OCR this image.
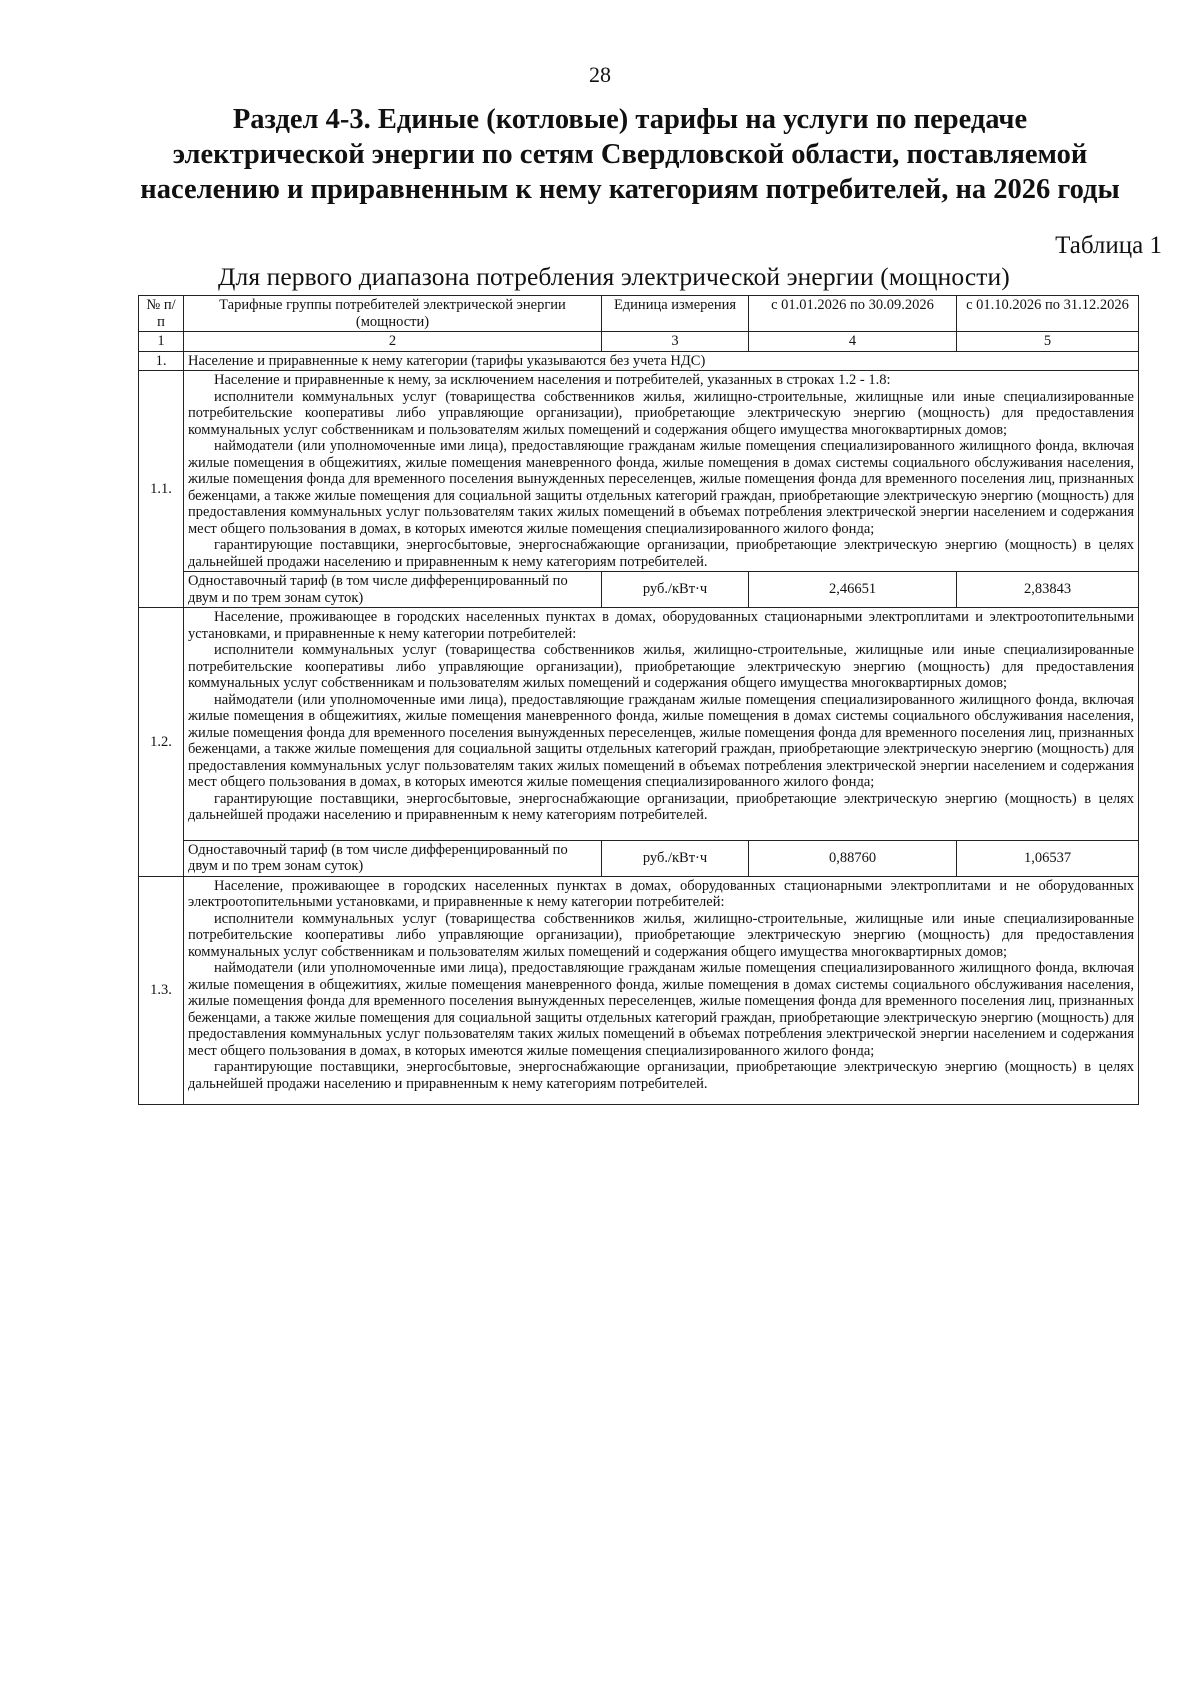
28
Раздел 4-3. Единые (котловые) тарифы на услуги по передаче
электрической энергии по сетям Свердловской области, поставляемой
населению и приравненным к нему категориям потребителей, на 2026 годы
Таблица 1
Для первого диапазона потребления электрической энергии (мощности)
№ п/п	Тарифные группы потребителей электрической энергии (мощности)	Единица измерения	с 01.01.2026 по 30.09.2026	с 01.10.2026 по 31.12.2026
1	2	3	4	5
1.	Население и приравненные к нему категории (тарифы указываются без учета НДС)			
1.1.	Население и приравненные к нему, за исключением населения и потребителей, указанных в строках 1.2 - 1.8:

исполнители коммунальных услуг (товарищества собственников жилья, жилищно-строительные, жилищные или иные специализированные потребительские кооперативы либо управляющие организации), приобретающие электрическую энергию (мощность) для предоставления коммунальных услуг собственникам и пользователям жилых помещений и содержания общего имущества многоквартирных домов;

наймодатели (или уполномоченные ими лица), предоставляющие гражданам жилые помещения специализированного жилищного фонда, включая жилые помещения в общежитиях, жилые помещения маневренного фонда, жилые помещения в домах системы социального обслуживания населения, жилые помещения фонда для временного поселения вынужденных переселенцев, жилые помещения фонда для временного поселения лиц, признанных беженцами, а также жилые помещения для социальной защиты отдельных категорий граждан, приобретающие электрическую энергию (мощность) для предоставления коммунальных услуг пользователям таких жилых помещений в объемах потребления электрической энергии населением и содержания мест общего пользования в домах, в которых имеются жилые помещения специализированного жилого фонда;

гарантирующие поставщики, энергосбытовые, энергоснабжающие организации, приобретающие электрическую энергию (мощность) в целях дальнейшей продажи населению и приравненным к нему категориям потребителей.			

	Одноставочный тариф (в том числе дифференцированный по двум и по трем зонам суток)	руб./кВт·ч	2,46651	2,83843
1.2.	Население, проживающее в городских населенных пунктах в домах, оборудованных стационарными электроплитами и электроотопительными установками, и приравненные к нему категории потребителей:

исполнители коммунальных услуг (товарищества собственников жилья, жилищно-строительные, жилищные или иные специализированные потребительские кооперативы либо управляющие организации), приобретающие электрическую энергию (мощность) для предоставления коммунальных услуг собственникам и пользователям жилых помещений и содержания общего имущества многоквартирных домов;

наймодатели (или уполномоченные ими лица), предоставляющие гражданам жилые помещения специализированного жилищного фонда, включая жилые помещения в общежитиях, жилые помещения маневренного фонда, жилые помещения в домах системы социального обслуживания населения, жилые помещения фонда для временного поселения вынужденных переселенцев, жилые помещения фонда для временного поселения лиц, признанных беженцами, а также жилые помещения для социальной защиты отдельных категорий граждан, приобретающие электрическую энергию (мощность) для предоставления коммунальных услуг пользователям таких жилых помещений в объемах потребления электрической энергии населением и содержания мест общего пользования в домах, в которых имеются жилые помещения специализированного жилого фонда;

гарантирующие поставщики, энергосбытовые, энергоснабжающие организации, приобретающие электрическую энергию (мощность) в целях дальнейшей продажи населению и приравненным к нему категориям потребителей.			

	Одноставочный тариф (в том числе дифференцированный по двум и по трем зонам суток)	руб./кВт·ч	0,88760	1,06537
1.3.	Население, проживающее в городских населенных пунктах в домах, оборудованных стационарными электроплитами и не оборудованных электроотопительными установками, и приравненные к нему категории потребителей:

исполнители коммунальных услуг (товарищества собственников жилья, жилищно-строительные, жилищные или иные специализированные потребительские кооперативы либо управляющие организации), приобретающие электрическую энергию (мощность) для предоставления коммунальных услуг собственникам и пользователям жилых помещений и содержания общего имущества многоквартирных домов;

наймодатели (или уполномоченные ими лица), предоставляющие гражданам жилые помещения специализированного жилищного фонда, включая жилые помещения в общежитиях, жилые помещения маневренного фонда, жилые помещения в домах системы социального обслуживания населения, жилые помещения фонда для временного поселения вынужденных переселенцев, жилые помещения фонда для временного поселения лиц, признанных беженцами, а также жилые помещения для социальной защиты отдельных категорий граждан, приобретающие электрическую энергию (мощность) для предоставления коммунальных услуг пользователям таких жилых помещений в объемах потребления электрической энергии населением и содержания мест общего пользования в домах, в которых имеются жилые помещения специализированного жилого фонда;

гарантирующие поставщики, энергосбытовые, энергоснабжающие организации, приобретающие электрическую энергию (мощность) в целях дальнейшей продажи населению и приравненным к нему категориям потребителей.			
